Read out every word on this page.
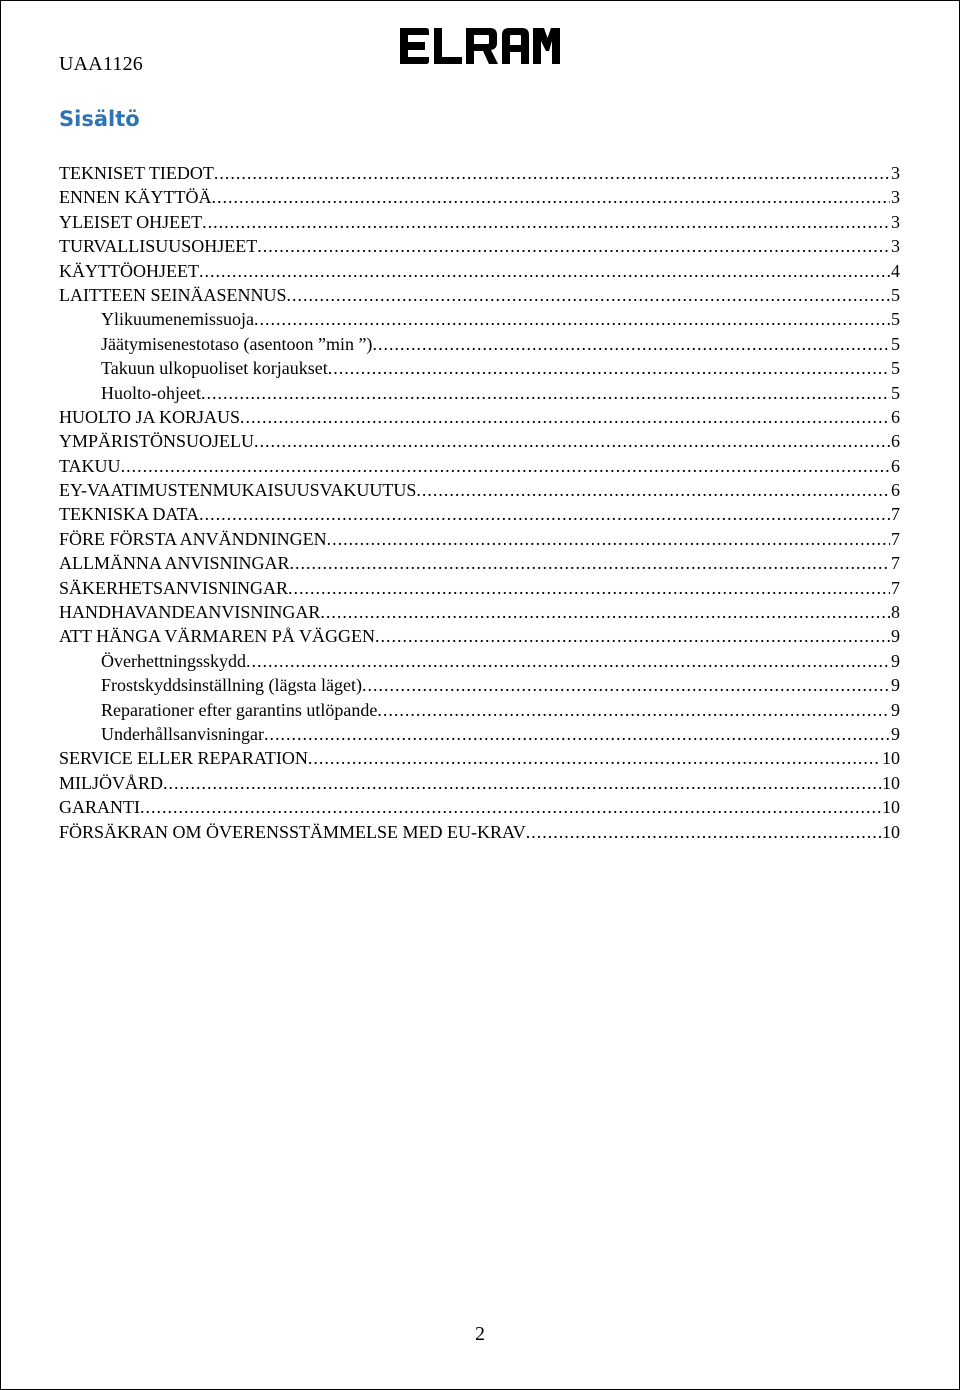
UAA1126
Sisältö
TEKNISET TIEDOT .....	3
ENNEN KÄYTTÖÄ .....	3
YLEISET OHJEET .....	3
TURVALLISUUSOHJEET .....	3
KÄYTTÖOHJEET .....	4
LAITTEEN SEINÄASENNUS .....	5
Ylikuumenemissuoja .....	5
Jäätymisenestotaso (asentoon ”min ”) .....	5
Takuun ulkopuoliset korjaukset .....	5
Huolto-ohjeet .....	5
HUOLTO JA KORJAUS .....	6
YMPÄRISTÖNSUOJELU .....	6
TAKUU .....	6
EY-VAATIMUSTENMUKAISUUSVAKUUTUS .....	6
TEKNISKA DATA .....	7
FÖRE FÖRSTA ANVÄNDNINGEN .....	7
ALLMÄNNA ANVISNINGAR .....	7
SÄKERHETSANVISNINGAR .....	7
HANDHAVANDEANVISNINGAR .....	8
ATT HÄNGA VÄRMAREN PÅ VÄGGEN .....	9
Överhettningsskydd .....	9
Frostskyddsinställning (lägsta läget) .....	9
Reparationer efter garantins utlöpande .....	9
Underhållsanvisningar .....	9
SERVICE ELLER REPARATION .....	10
MILJÖVÅRD .....	10
GARANTI .....	10
FÖRSÄKRAN OM ÖVERENSSTÄMMELSE MED EU-KRAV .....	10
2
